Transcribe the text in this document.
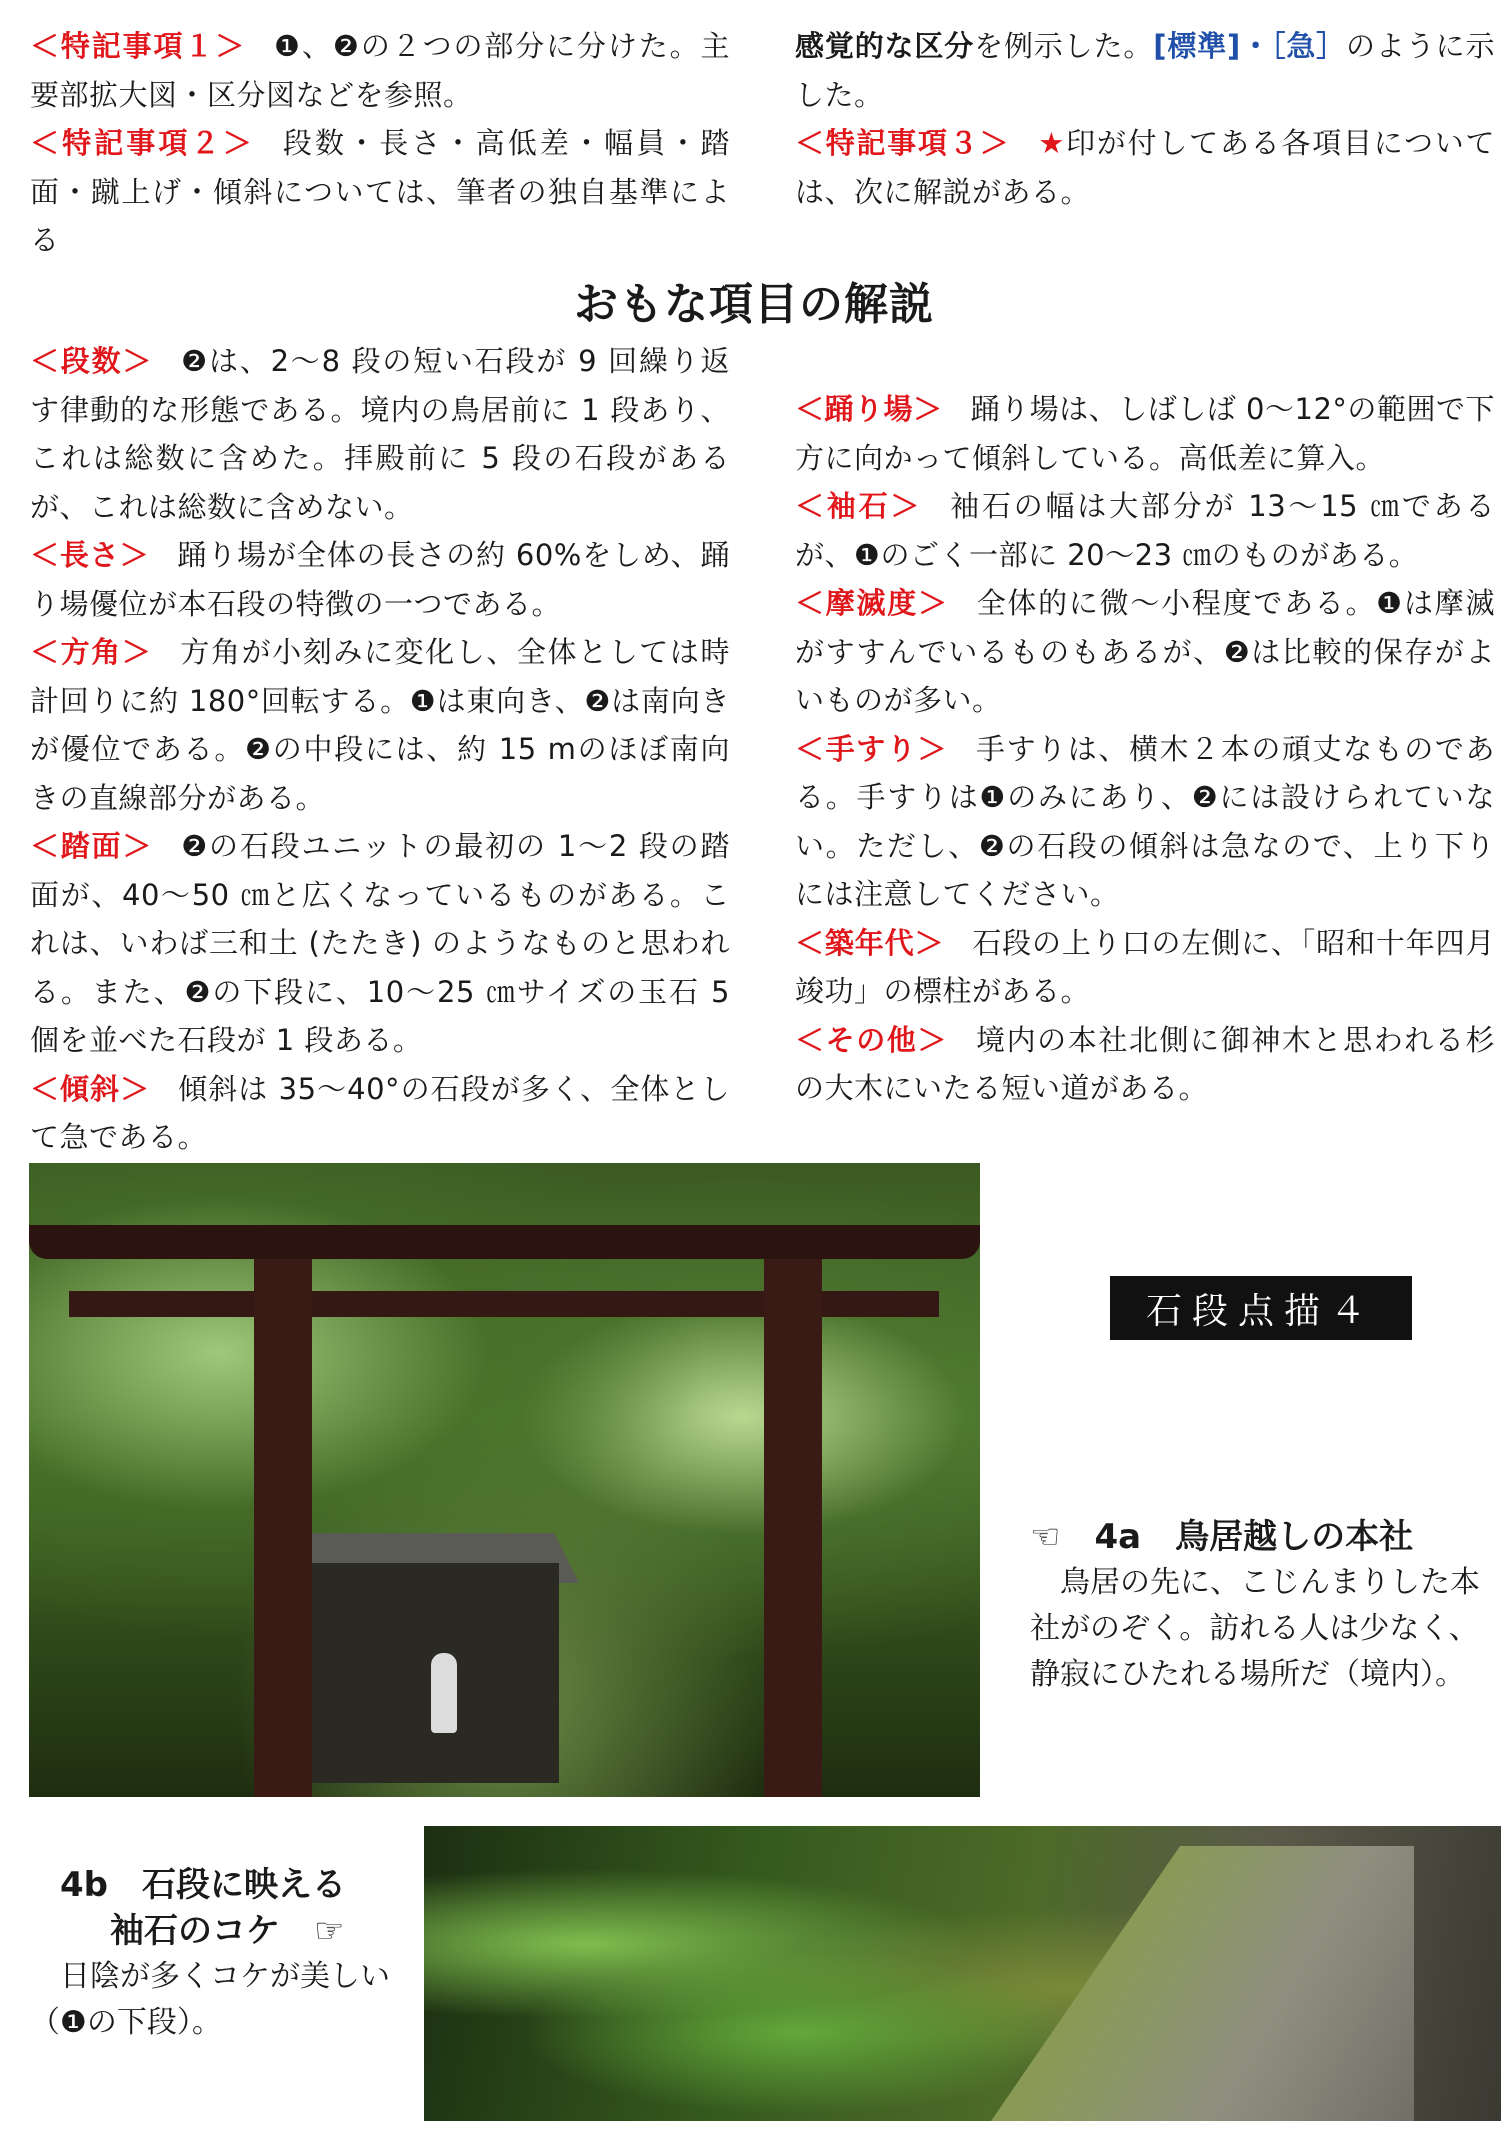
＜特記事項１＞ ❶、❷の２つの部分に分けた。主要部拡大図・区分図などを参照。

＜特記事項２＞ 段数・長さ・高低差・幅員・踏面・蹴上げ・傾斜については、筆者の独自基準による

感覚的な区分を例示した。[標準]・［急］のように示した。

＜特記事項３＞ ★印が付してある各項目については、次に解説がある。

おもな項目の解説

＜段数＞ ❷は、2〜8 段の短い石段が 9 回繰り返す律動的な形態である。境内の鳥居前に 1 段あり、これは総数に含めた。拝殿前に 5 段の石段があるが、これは総数に含めない。

＜長さ＞ 踊り場が全体の長さの約 60%をしめ、踊り場優位が本石段の特徴の一つである。

＜方角＞ 方角が小刻みに変化し、全体としては時計回りに約 180°回転する。❶は東向き、❷は南向きが優位である。❷の中段には、約 15 mのほぼ南向きの直線部分がある。

＜踏面＞ ❷の石段ユニットの最初の 1〜2 段の踏面が、40〜50 ㎝と広くなっているものがある。これは、いわば三和土 (たたき) のようなものと思われる。また、❷の下段に、10〜25 ㎝サイズの玉石 5 個を並べた石段が 1 段ある。

＜傾斜＞ 傾斜は 35〜40°の石段が多く、全体として急である。

＜踊り場＞ 踊り場は、しばしば 0〜12°の範囲で下方に向かって傾斜している。高低差に算入。

＜袖石＞ 袖石の幅は大部分が 13〜15 ㎝であるが、❶のごく一部に 20〜23 ㎝のものがある。

＜摩滅度＞ 全体的に微〜小程度である。❶は摩滅がすすんでいるものもあるが、❷は比較的保存がよいものが多い。

＜手すり＞ 手すりは、横木２本の頑丈なものである。手すりは❶のみにあり、❷には設けられていない。ただし、❷の石段の傾斜は急なので、上り下りには注意してください。

＜築年代＞ 石段の上り口の左側に、「昭和十年四月竣功」の標柱がある。

＜その他＞ 境内の本社北側に御神木と思われる杉の大木にいたる短い道がある。

石段点描４
☜　4a　鳥居越しの本社
鳥居の先に、こじんまりした本社がのぞく。訪れる人は少なく、静寂にひたれる場所だ（境内）。
4b　石段に映える
袖石のコケ　☞
日陰が多くコケが美しい（❶の下段）。
